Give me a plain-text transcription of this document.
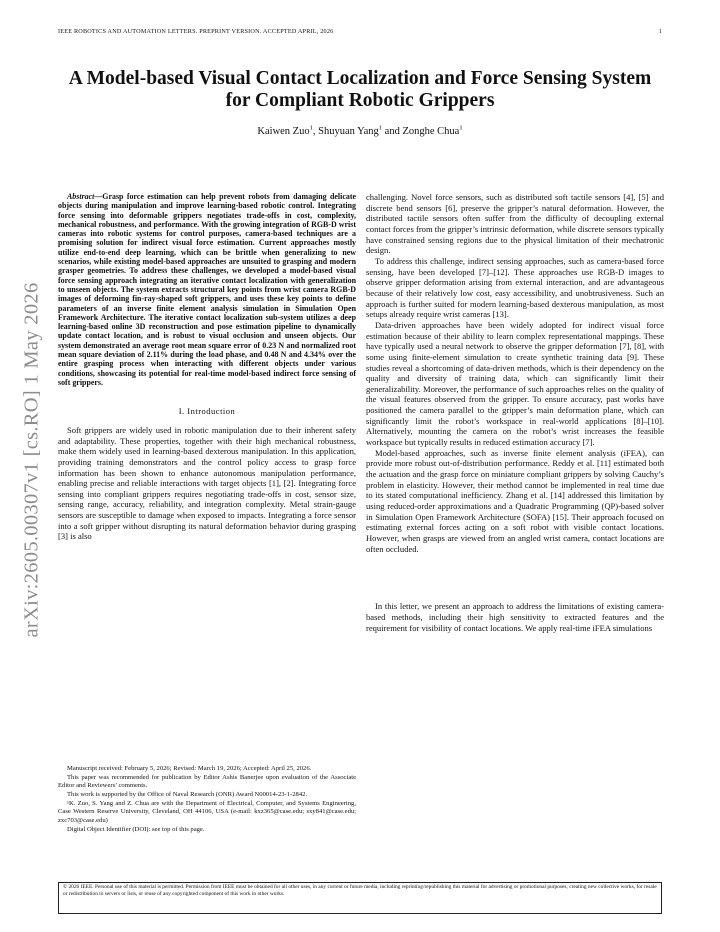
IEEE ROBOTICS AND AUTOMATION LETTERS. PREPRINT VERSION. ACCEPTED APRIL, 2026	1
arXiv:2605.00307v1 [cs.RO] 1 May 2026
A Model-based Visual Contact Localization and Force Sensing System for Compliant Robotic Grippers
Kaiwen Zuo$^1$, Shuyuan Yang$^1$ and Zonghe Chua$^1$

Abstract—Grasp force estimation can help prevent robots from damaging delicate objects during manipulation and improve learning-based robotic control. Integrating force sensing into deformable grippers negotiates trade-offs in cost, complexity, mechanical robustness, and performance. With the growing integration of RGB-D wrist cameras into robotic systems for control purposes, camera-based techniques are a promising solution for indirect visual force estimation. Current approaches mostly utilize end-to-end deep learning, which can be brittle when generalizing to new scenarios, while existing model-based approaches are unsuited to grasping and modern grasper geometries. To address these challenges, we developed a model-based visual force sensing approach integrating an iterative contact localization with generalization to unseen objects. The system extracts structural key points from wrist camera RGB-D images of deforming fin-ray-shaped soft grippers, and uses these key points to define parameters of an inverse finite element analysis simulation in Simulation Open Framework Architecture. The iterative contact localization sub-system utilizes a deep learning-based online 3D reconstruction and pose estimation pipeline to dynamically update contact location, and is robust to visual occlusion and unseen objects. Our system demonstrated an average root mean square error of 0.23 N and normalized root mean square deviation of 2.11% during the load phase, and 0.48 N and 4.34% over the entire grasping process when interacting with different objects under various conditions, showcasing its potential for real-time model-based indirect force sensing of soft grippers.

I. Introduction

Soft grippers are widely used in robotic manipulation due to their inherent safety and adaptability. These properties, together with their high mechanical robustness, make them widely used in learning-based dexterous manipulation. In this application, providing training demonstrators and the control policy access to grasp force information has been shown to enhance autonomous manipulation performance, enabling precise and reliable interactions with target objects [1], [2]. Integrating force sensing into compliant grippers requires negotiating trade-offs in cost, sensor size, sensing range, accuracy, reliability, and integration complexity. Metal strain-gauge sensors are susceptible to damage when exposed to impacts. Integrating a force sensor into a soft gripper without disrupting its natural deformation behavior during grasping [3] is also

Manuscript received: February 5, 2026; Revised: March 19, 2026; Accepted: April 25, 2026.

This paper was recommended for publication by Editor Ashis Banerjee upon evaluation of the Associate Editor and Reviewers’ comments.

This work is supported by the Office of Naval Research (ONR) Award N00014-23-1-2842.

¹K. Zuo, S. Yang and Z. Chua are with the Department of Electrical, Computer, and Systems Engineering, Case Western Reserve University, Cleveland, OH 44106, USA (e-mail: kxz365@case.edu; sxy841@case.edu; zxc703@case.edu)

Digital Object Identifier (DOI): see top of this page.

challenging. Novel force sensors, such as distributed soft tactile sensors [4], [5] and discrete bend sensors [6], preserve the gripper’s natural deformation. However, the distributed tactile sensors often suffer from the difficulty of decoupling external contact forces from the gripper’s intrinsic deformation, while discrete sensors typically have constrained sensing regions due to the physical limitation of their mechatronic design.

To address this challenge, indirect sensing approaches, such as camera-based force sensing, have been developed [7]–[12]. These approaches use RGB-D images to observe gripper deformation arising from external interaction, and are advantageous because of their relatively low cost, easy accessibility, and unobtrusiveness. Such an approach is further suited for modern learning-based dexterous manipulation, as most setups already require wrist cameras [13].

Data-driven approaches have been widely adopted for indirect visual force estimation because of their ability to learn complex representational mappings. These have typically used a neural network to observe the gripper deformation [7], [8], with some using finite-element simulation to create synthetic training data [9]. These studies reveal a shortcoming of data-driven methods, which is their dependency on the quality and diversity of training data, which can significantly limit their generalizability. Moreover, the performance of such approaches relies on the quality of the visual features observed from the gripper. To ensure accuracy, past works have positioned the camera parallel to the gripper’s main deformation plane, which can significantly limit the robot’s workspace in real-world applications [8]–[10]. Alternatively, mounting the camera on the robot’s wrist increases the feasible workspace but typically results in reduced estimation accuracy [7].

Model-based approaches, such as inverse finite element analysis (iFEA), can provide more robust out-of-distribution performance. Reddy et al. [11] estimated both the actuation and the grasp force on miniature compliant grippers by solving Cauchy’s problem in elasticity. However, their method cannot be implemented in real time due to its stated computational inefficiency. Zhang et al. [14] addressed this limitation by using reduced-order approximations and a Quadratic Programming (QP)-based solver in Simulation Open Framework Architecture (SOFA) [15]. Their approach focused on estimating external forces acting on a soft robot with visible contact locations. However, when grasps are viewed from an angled wrist camera, contact locations are often occluded.

In this letter, we present an approach to address the limitations of existing camera-based methods, including their high sensitivity to extracted features and the requirement for visibility of contact locations. We apply real-time iFEA simulations

© 2026 IEEE. Personal use of this material is permitted. Permission from IEEE must be obtained for all other uses, in any current or future media, including reprinting/republishing this material for advertising or promotional purposes, creating new collective works, for resale or redistribution to servers or lists, or reuse of any copyrighted component of this work in other works.
